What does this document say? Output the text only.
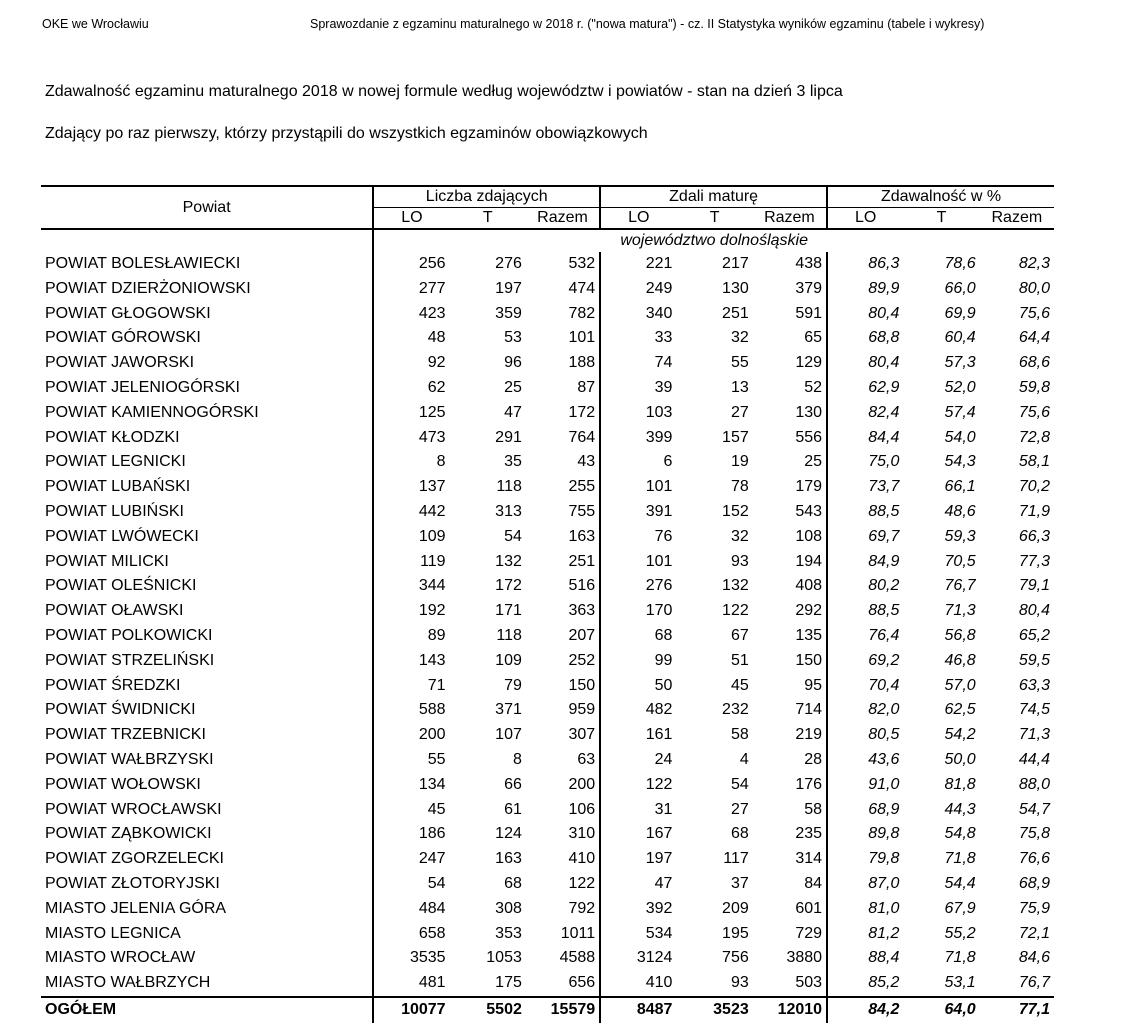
OKE we Wrocławiu	Sprawozdanie z egzaminu maturalnego w 2018 r. ("nowa matura") - cz. II Statystyka wyników egzaminu (tabele i wykresy)
Zdawalność egzaminu maturalnego 2018 w nowej formule według województw i powiatów - stan na dzień 3 lipca
Zdający po raz pierwszy, którzy przystąpili do wszystkich egzaminów obowiązkowych
Powiat	Liczba zdających			Zdali maturę			Zdawalność w %		
	LO	T	Razem	LO	T	Razem	LO	T	Razem
	województwo dolnośląskie								
POWIAT BOLESŁAWIECKI	256	276	532	221	217	438	86,3	78,6	82,3
POWIAT DZIERŻONIOWSKI	277	197	474	249	130	379	89,9	66,0	80,0
POWIAT GŁOGOWSKI	423	359	782	340	251	591	80,4	69,9	75,6
POWIAT GÓROWSKI	48	53	101	33	32	65	68,8	60,4	64,4
POWIAT JAWORSKI	92	96	188	74	55	129	80,4	57,3	68,6
POWIAT JELENIOGÓRSKI	62	25	87	39	13	52	62,9	52,0	59,8
POWIAT KAMIENNOGÓRSKI	125	47	172	103	27	130	82,4	57,4	75,6
POWIAT KŁODZKI	473	291	764	399	157	556	84,4	54,0	72,8
POWIAT LEGNICKI	8	35	43	6	19	25	75,0	54,3	58,1
POWIAT LUBAŃSKI	137	118	255	101	78	179	73,7	66,1	70,2
POWIAT LUBIŃSKI	442	313	755	391	152	543	88,5	48,6	71,9
POWIAT LWÓWECKI	109	54	163	76	32	108	69,7	59,3	66,3
POWIAT MILICKI	119	132	251	101	93	194	84,9	70,5	77,3
POWIAT OLEŚNICKI	344	172	516	276	132	408	80,2	76,7	79,1
POWIAT OŁAWSKI	192	171	363	170	122	292	88,5	71,3	80,4
POWIAT POLKOWICKI	89	118	207	68	67	135	76,4	56,8	65,2
POWIAT STRZELIŃSKI	143	109	252	99	51	150	69,2	46,8	59,5
POWIAT ŚREDZKI	71	79	150	50	45	95	70,4	57,0	63,3
POWIAT ŚWIDNICKI	588	371	959	482	232	714	82,0	62,5	74,5
POWIAT TRZEBNICKI	200	107	307	161	58	219	80,5	54,2	71,3
POWIAT WAŁBRZYSKI	55	8	63	24	4	28	43,6	50,0	44,4
POWIAT WOŁOWSKI	134	66	200	122	54	176	91,0	81,8	88,0
POWIAT WROCŁAWSKI	45	61	106	31	27	58	68,9	44,3	54,7
POWIAT ZĄBKOWICKI	186	124	310	167	68	235	89,8	54,8	75,8
POWIAT ZGORZELECKI	247	163	410	197	117	314	79,8	71,8	76,6
POWIAT ZŁOTORYJSKI	54	68	122	47	37	84	87,0	54,4	68,9
MIASTO JELENIA GÓRA	484	308	792	392	209	601	81,0	67,9	75,9
MIASTO LEGNICA	658	353	1011	534	195	729	81,2	55,2	72,1
MIASTO WROCŁAW	3535	1053	4588	3124	756	3880	88,4	71,8	84,6
MIASTO WAŁBRZYCH	481	175	656	410	93	503	85,2	53,1	76,7
OGÓŁEM	10077	5502	15579	8487	3523	12010	84,2	64,0	77,1
